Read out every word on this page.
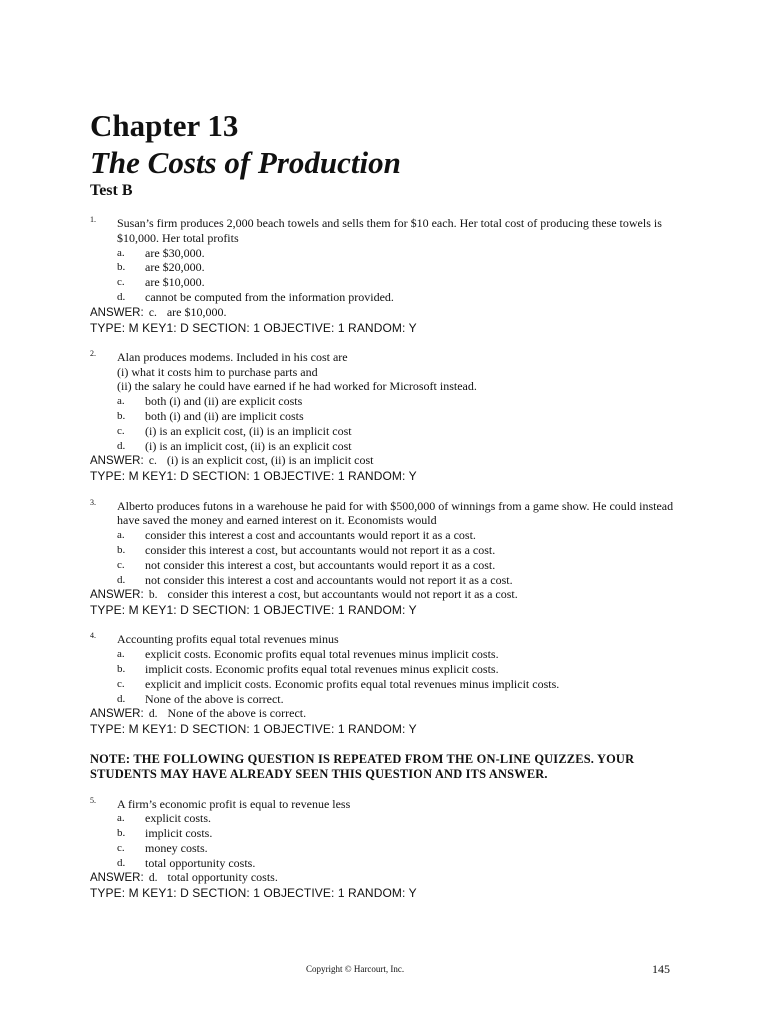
Chapter 13
The Costs of Production
Test B
1. Susan’s firm produces 2,000 beach towels and sells them for $10 each. Her total cost of producing these towels is $10,000. Her total profits

a. are $30,000.
b. are $20,000.
c. are $10,000.
d. cannot be computed from the information provided.

ANSWER: c. are $10,000.

TYPE: M KEY1: D SECTION: 1 OBJECTIVE: 1 RANDOM: Y

2. Alan produces modems. Included in his cost are

(i) what it costs him to purchase parts and

(ii) the salary he could have earned if he had worked for Microsoft instead.

a. both (i) and (ii) are explicit costs
b. both (i) and (ii) are implicit costs
c. (i) is an explicit cost, (ii) is an implicit cost
d. (i) is an implicit cost, (ii) is an explicit cost

ANSWER: c. (i) is an explicit cost, (ii) is an implicit cost

TYPE: M KEY1: D SECTION: 1 OBJECTIVE: 1 RANDOM: Y

3. Alberto produces futons in a warehouse he paid for with $500,000 of winnings from a game show. He could instead have saved the money and earned interest on it. Economists would

a. consider this interest a cost and accountants would report it as a cost.
b. consider this interest a cost, but accountants would not report it as a cost.
c. not consider this interest a cost, but accountants would report it as a cost.
d. not consider this interest a cost and accountants would not report it as a cost.

ANSWER: b. consider this interest a cost, but accountants would not report it as a cost.

TYPE: M KEY1: D SECTION: 1 OBJECTIVE: 1 RANDOM: Y

4. Accounting profits equal total revenues minus

a. explicit costs. Economic profits equal total revenues minus implicit costs.
b. implicit costs. Economic profits equal total revenues minus explicit costs.
c. explicit and implicit costs. Economic profits equal total revenues minus implicit costs.
d. None of the above is correct.

ANSWER: d. None of the above is correct.

TYPE: M KEY1: D SECTION: 1 OBJECTIVE: 1 RANDOM: Y

NOTE: THE FOLLOWING QUESTION IS REPEATED FROM THE ON-LINE QUIZZES. YOUR STUDENTS MAY HAVE ALREADY SEEN THIS QUESTION AND ITS ANSWER.

5. A firm’s economic profit is equal to revenue less

a. explicit costs.
b. implicit costs.
c. money costs.
d. total opportunity costs.

ANSWER: d. total opportunity costs.

TYPE: M KEY1: D SECTION: 1 OBJECTIVE: 1 RANDOM: Y

Copyright © Harcourt, Inc.	145
